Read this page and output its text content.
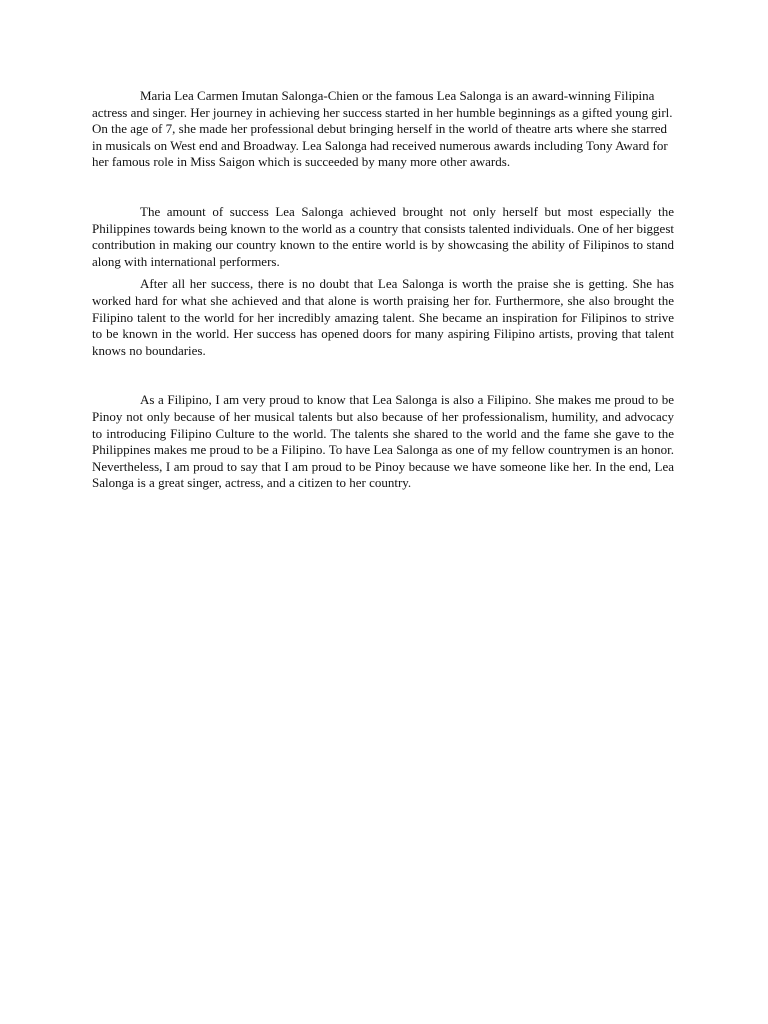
Maria Lea Carmen Imutan Salonga-Chien or the famous Lea Salonga is an award-winning Filipina actress and singer. Her journey in achieving her success started in her humble beginnings as a gifted young girl. On the age of 7, she made her professional debut bringing herself in the world of theatre arts where she starred in musicals on West end and Broadway. Lea Salonga had received numerous awards including Tony Award for her famous role in Miss Saigon which is succeeded by many more other awards.

The amount of success Lea Salonga achieved brought not only herself but most especially the Philippines towards being known to the world as a country that consists talented individuals. One of her biggest contribution in making our country known to the entire world is by showcasing the ability of Filipinos to stand along with international performers.

After all her success, there is no doubt that Lea Salonga is worth the praise she is getting. She has worked hard for what she achieved and that alone is worth praising her for. Furthermore, she also brought the Filipino talent to the world for her incredibly amazing talent. She became an inspiration for Filipinos to strive to be known in the world. Her success has opened doors for many aspiring Filipino artists, proving that talent knows no boundaries.

As a Filipino, I am very proud to know that Lea Salonga is also a Filipino. She makes me proud to be Pinoy not only because of her musical talents but also because of her professionalism, humility, and advocacy to introducing Filipino Culture to the world. The talents she shared to the world and the fame she gave to the Philippines makes me proud to be a Filipino. To have Lea Salonga as one of my fellow countrymen is an honor. Nevertheless, I am proud to say that I am proud to be Pinoy because we have someone like her. In the end, Lea Salonga is a great singer, actress, and a citizen to her country.
